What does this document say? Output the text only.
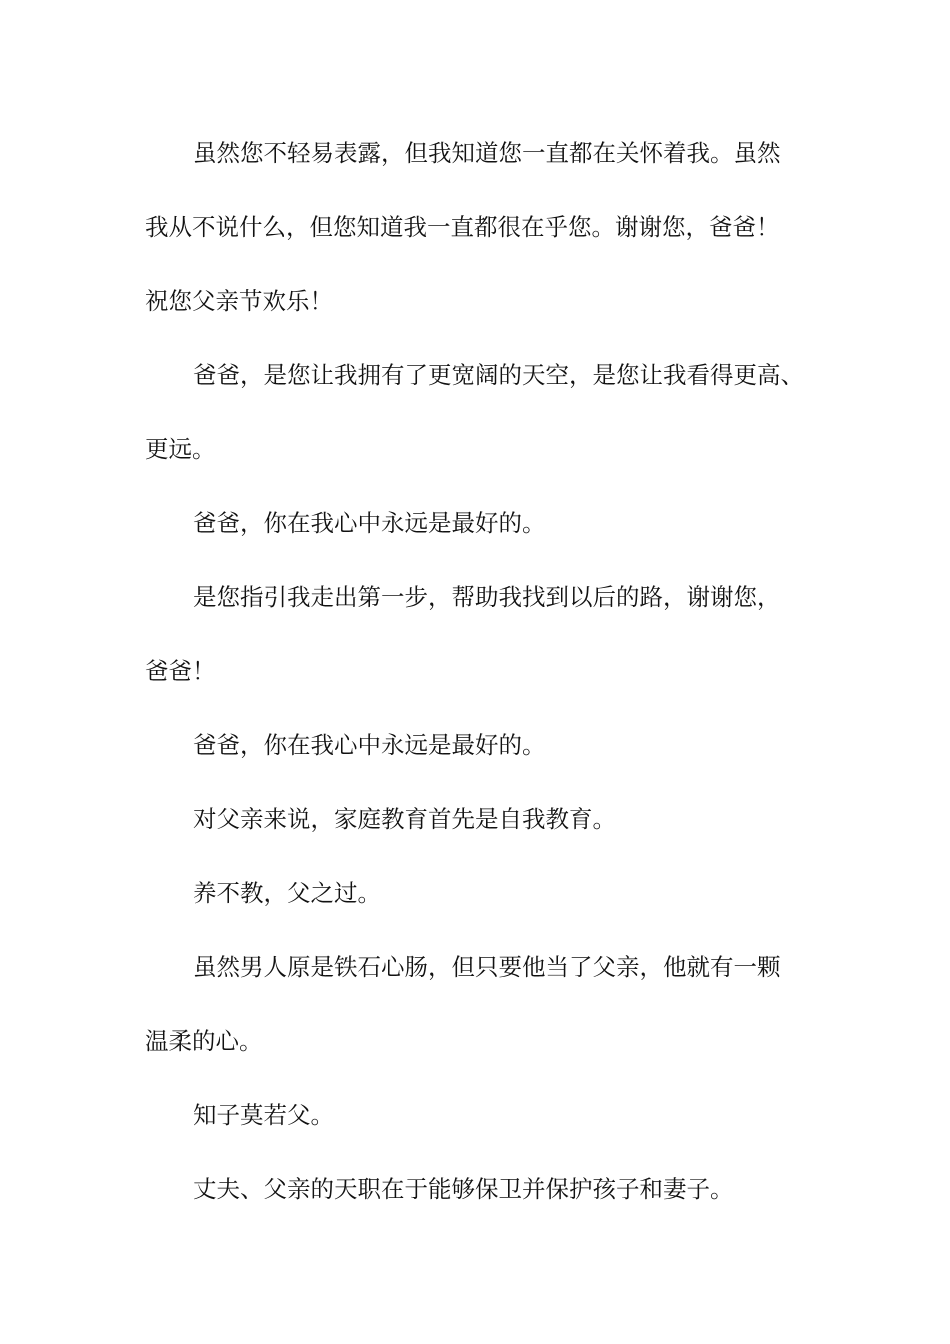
虽然您不轻易表露，但我知道您一直都在关怀着我。虽然
我从不说什么，但您知道我一直都很在乎您。谢谢您，爸爸！
祝您父亲节欢乐！
爸爸，是您让我拥有了更宽阔的天空，是您让我看得更高、
更远。
爸爸，你在我心中永远是最好的。
是您指引我走出第一步，帮助我找到以后的路，谢谢您，
爸爸！
爸爸，你在我心中永远是最好的。
对父亲来说，家庭教育首先是自我教育。
养不教，父之过。
虽然男人原是铁石心肠，但只要他当了父亲，他就有一颗
温柔的心。
知子莫若父。
丈夫、父亲的天职在于能够保卫并保护孩子和妻子。
